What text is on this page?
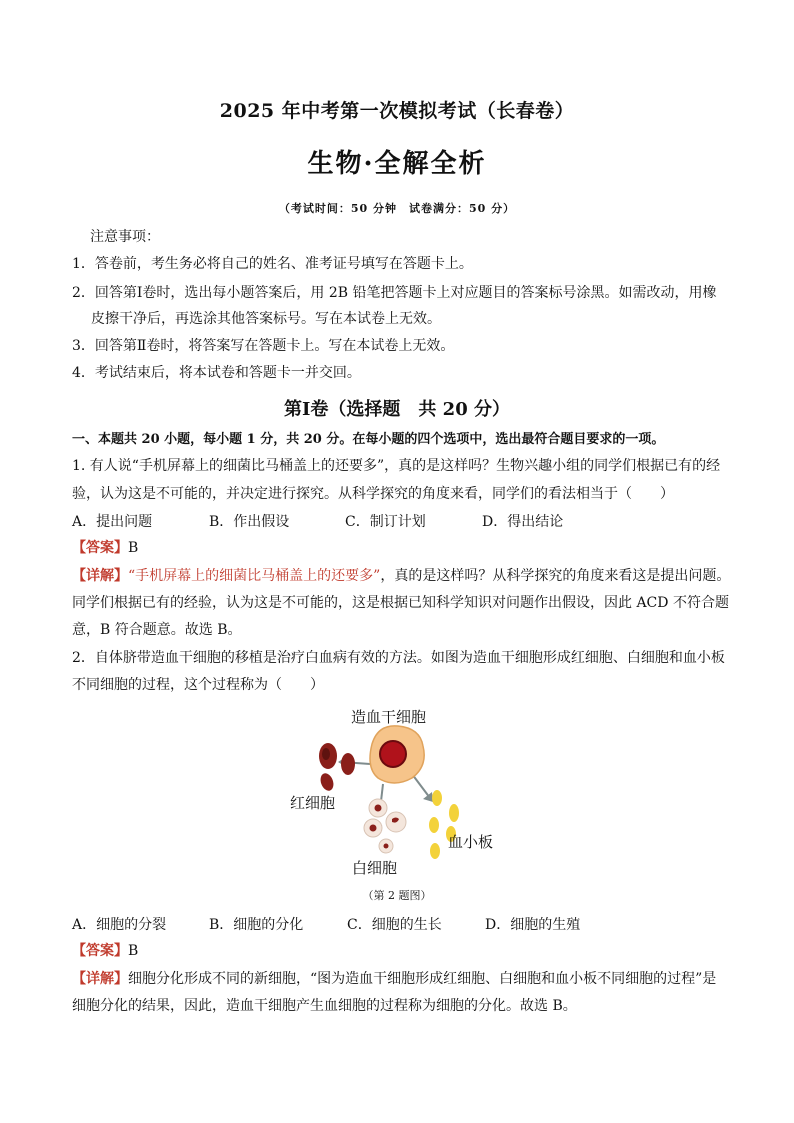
2025 年中考第一次模拟考试（长春卷）
生物·全解全析
（考试时间：50 分钟　试卷满分：50 分）
注意事项：
1．答卷前，考生务必将自己的姓名、准考证号填写在答题卡上。
2．回答第Ⅰ卷时，选出每小题答案后，用 2B 铅笔把答题卡上对应题目的答案标号涂黑。如需改动，用橡
皮擦干净后，再选涂其他答案标号。写在本试卷上无效。
3．回答第Ⅱ卷时，将答案写在答题卡上。写在本试卷上无效。
4．考试结束后，将本试卷和答题卡一并交回。
第Ⅰ卷（选择题　共 20 分）
一、本题共 20 小题，每小题 1 分，共 20 分。在每小题的四个选项中，选出最符合题目要求的一项。
1. 有人说“手机屏幕上的细菌比马桶盖上的还要多”，真的是这样吗？生物兴趣小组的同学们根据已有的经
验，认为这是不可能的，并决定进行探究。从科学探究的角度来看，同学们的看法相当于（　　）
A．提出问题	B．作出假设	C．制订计划	D．得出结论
【答案】B
【详解】“手机屏幕上的细菌比马桶盖上的还要多”，真的是这样吗？从科学探究的角度来看这是提出问题。
同学们根据已有的经验，认为这是不可能的，这是根据已知科学知识对问题作出假设，因此 ACD 不符合题
意，B 符合题意。故选 B。
2．自体脐带造血干细胞的移植是治疗白血病有效的方法。如图为造血干细胞形成红细胞、白细胞和血小板
不同细胞的过程，这个过程称为（　　）
造血干细胞
红细胞
白细胞
血小板
（第 2 题图）
A．细胞的分裂	B．细胞的分化	C．细胞的生长	D．细胞的生殖
【答案】B
【详解】细胞分化形成不同的新细胞，“图为造血干细胞形成红细胞、白细胞和血小板不同细胞的过程”是
细胞分化的结果，因此，造血干细胞产生血细胞的过程称为细胞的分化。故选 B。
